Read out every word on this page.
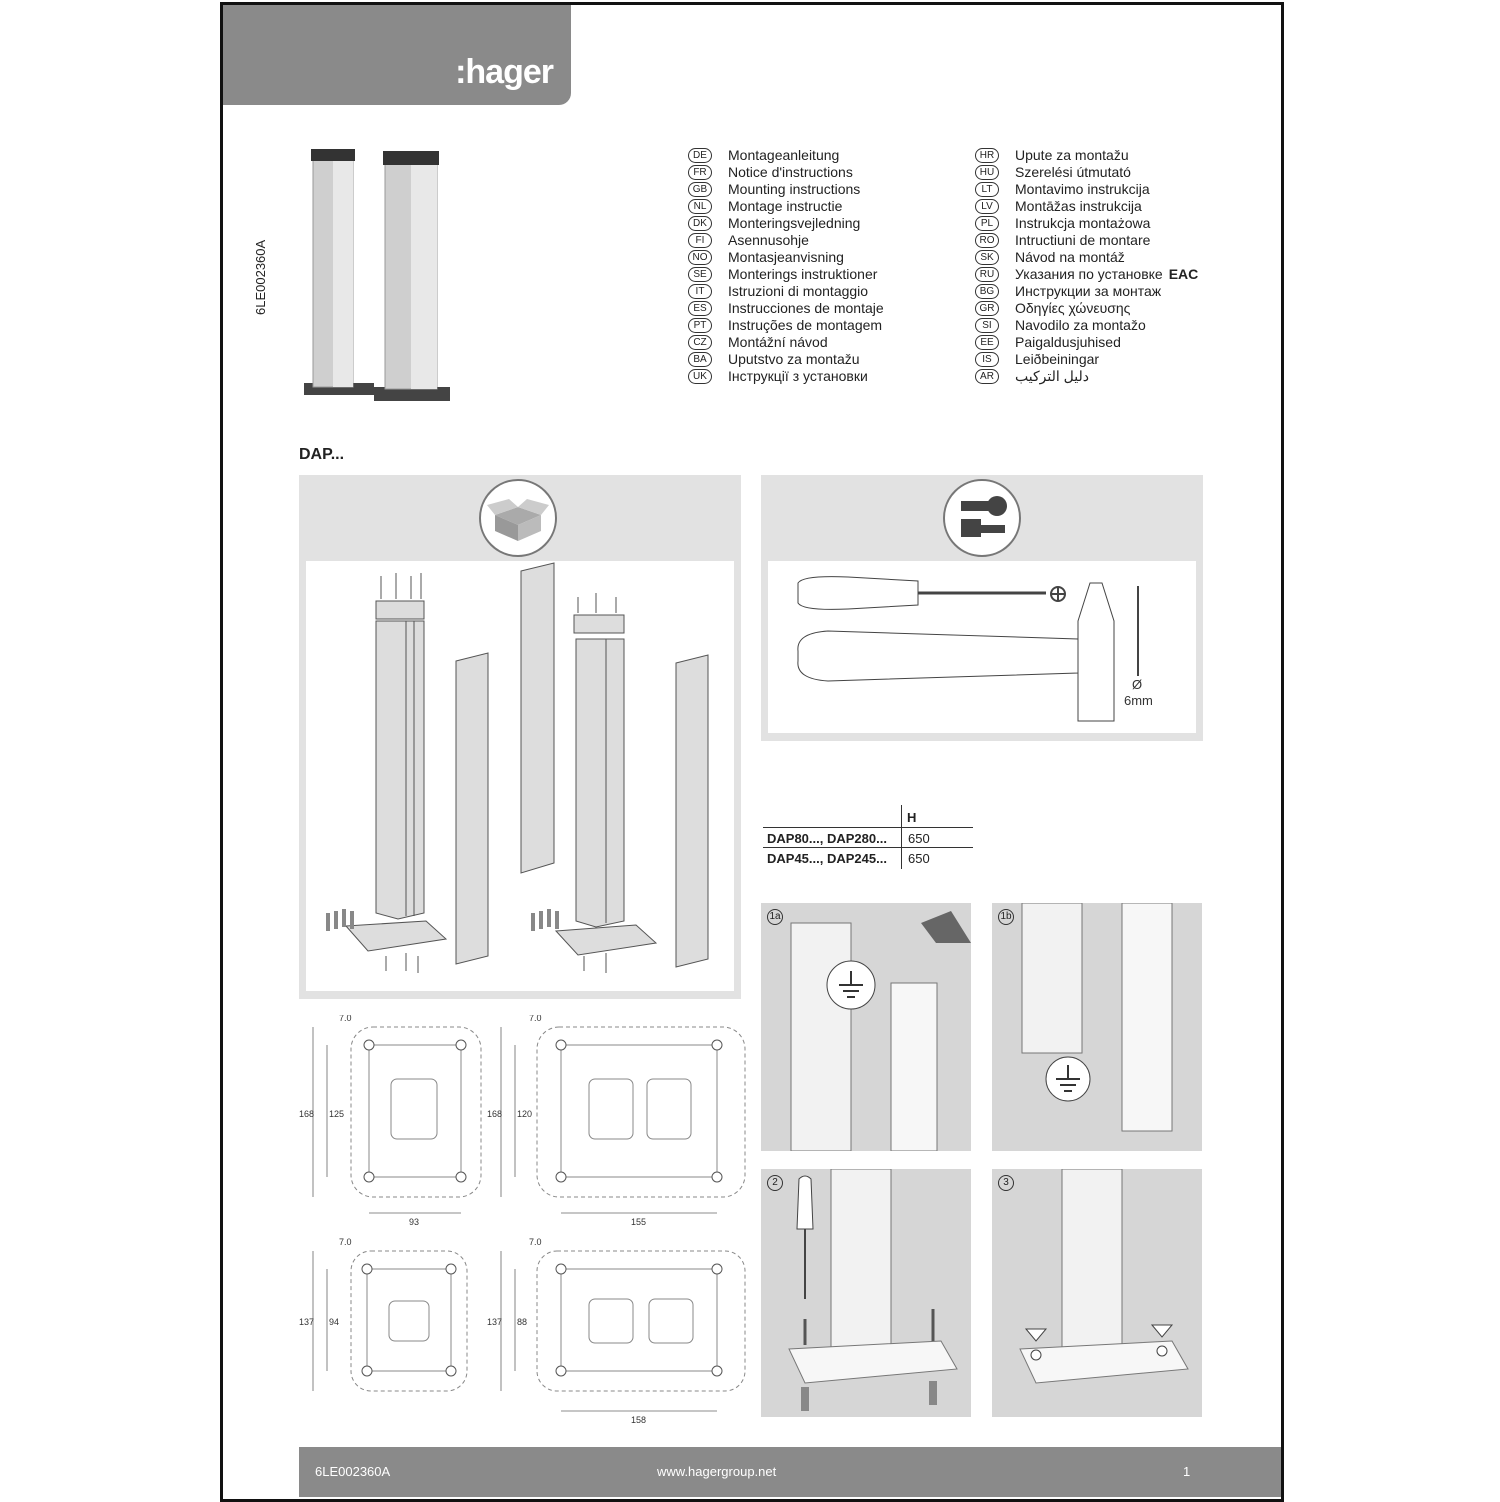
:hager
6LE002360A
DE	Montageanleitung
FR	Notice d'instructions
GB	Mounting instructions
NL	Montage instructie
DK	Monteringsvejledning
FI	Asennusohje
NO	Montasjeanvisning
SE	Monterings instruktioner
IT	Istruzioni di montaggio
ES	Instrucciones de montaje
PT	Instruções de montagem
CZ	Montážní návod
BA	Uputstvo za montažu
UK	Інструкції з установки
HR	Upute za montažu
HU	Szerelési útmutató
LT	Montavimo instrukcija
LV	Montāžas instrukcija
PL	Instrukcja montażowa
RO	Intructiuni de montare
SK	Návod na montáž
RU	Указания по установке EAC
BG	Инструкции за монтаж
GR	Οδηγίες χώνευσης
SI	Navodilo za montažo
EE	Paigaldusjuhised
IS	Leiðbeiningar
AR	دليل التركيب
DAP...
Ø
6mm
H
DAP80..., DAP280... 650
DAP45..., DAP245... 650
7.0
168 125
93
7.0
168 120
155
7.0
137 94
7.0
137 88
158
1a	1b
2	3
6LE002360A	www.hagergroup.net	1
